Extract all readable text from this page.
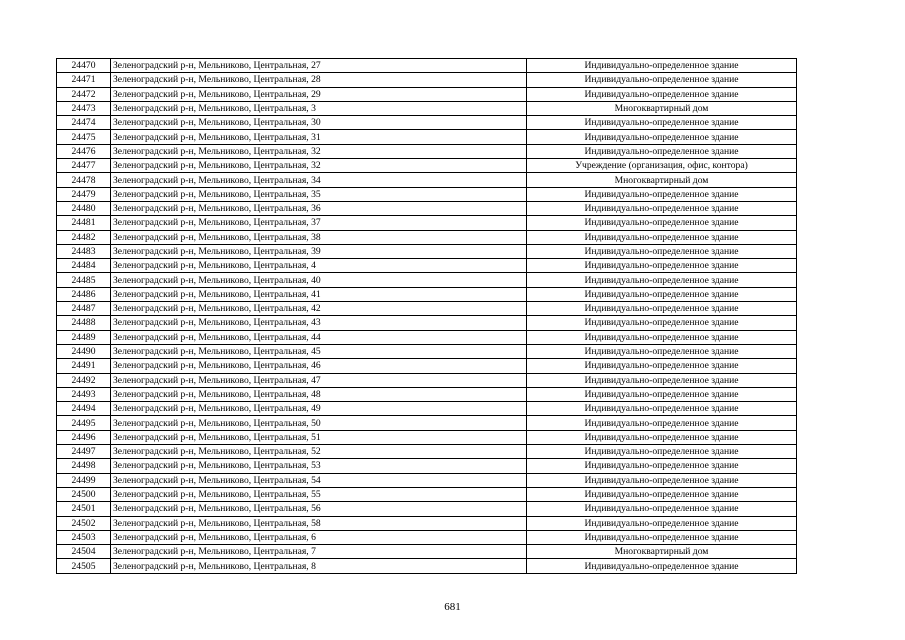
24470	Зеленоградский р-н, Мельниково, Центральная, 27	Индивидуально-определенное здание
24471	Зеленоградский р-н, Мельниково, Центральная, 28	Индивидуально-определенное здание
24472	Зеленоградский р-н, Мельниково, Центральная, 29	Индивидуально-определенное здание
24473	Зеленоградский р-н, Мельниково, Центральная, 3	Многоквартирный дом
24474	Зеленоградский р-н, Мельниково, Центральная, 30	Индивидуально-определенное здание
24475	Зеленоградский р-н, Мельниково, Центральная, 31	Индивидуально-определенное здание
24476	Зеленоградский р-н, Мельниково, Центральная, 32	Индивидуально-определенное здание
24477	Зеленоградский р-н, Мельниково, Центральная, 32	Учреждение (организация, офис, контора)
24478	Зеленоградский р-н, Мельниково, Центральная, 34	Многоквартирный дом
24479	Зеленоградский р-н, Мельниково, Центральная, 35	Индивидуально-определенное здание
24480	Зеленоградский р-н, Мельниково, Центральная, 36	Индивидуально-определенное здание
24481	Зеленоградский р-н, Мельниково, Центральная, 37	Индивидуально-определенное здание
24482	Зеленоградский р-н, Мельниково, Центральная, 38	Индивидуально-определенное здание
24483	Зеленоградский р-н, Мельниково, Центральная, 39	Индивидуально-определенное здание
24484	Зеленоградский р-н, Мельниково, Центральная, 4	Индивидуально-определенное здание
24485	Зеленоградский р-н, Мельниково, Центральная, 40	Индивидуально-определенное здание
24486	Зеленоградский р-н, Мельниково, Центральная, 41	Индивидуально-определенное здание
24487	Зеленоградский р-н, Мельниково, Центральная, 42	Индивидуально-определенное здание
24488	Зеленоградский р-н, Мельниково, Центральная, 43	Индивидуально-определенное здание
24489	Зеленоградский р-н, Мельниково, Центральная, 44	Индивидуально-определенное здание
24490	Зеленоградский р-н, Мельниково, Центральная, 45	Индивидуально-определенное здание
24491	Зеленоградский р-н, Мельниково, Центральная, 46	Индивидуально-определенное здание
24492	Зеленоградский р-н, Мельниково, Центральная, 47	Индивидуально-определенное здание
24493	Зеленоградский р-н, Мельниково, Центральная, 48	Индивидуально-определенное здание
24494	Зеленоградский р-н, Мельниково, Центральная, 49	Индивидуально-определенное здание
24495	Зеленоградский р-н, Мельниково, Центральная, 50	Индивидуально-определенное здание
24496	Зеленоградский р-н, Мельниково, Центральная, 51	Индивидуально-определенное здание
24497	Зеленоградский р-н, Мельниково, Центральная, 52	Индивидуально-определенное здание
24498	Зеленоградский р-н, Мельниково, Центральная, 53	Индивидуально-определенное здание
24499	Зеленоградский р-н, Мельниково, Центральная, 54	Индивидуально-определенное здание
24500	Зеленоградский р-н, Мельниково, Центральная, 55	Индивидуально-определенное здание
24501	Зеленоградский р-н, Мельниково, Центральная, 56	Индивидуально-определенное здание
24502	Зеленоградский р-н, Мельниково, Центральная, 58	Индивидуально-определенное здание
24503	Зеленоградский р-н, Мельниково, Центральная, 6	Индивидуально-определенное здание
24504	Зеленоградский р-н, Мельниково, Центральная, 7	Многоквартирный дом
24505	Зеленоградский р-н, Мельниково, Центральная, 8	Индивидуально-определенное здание
681
